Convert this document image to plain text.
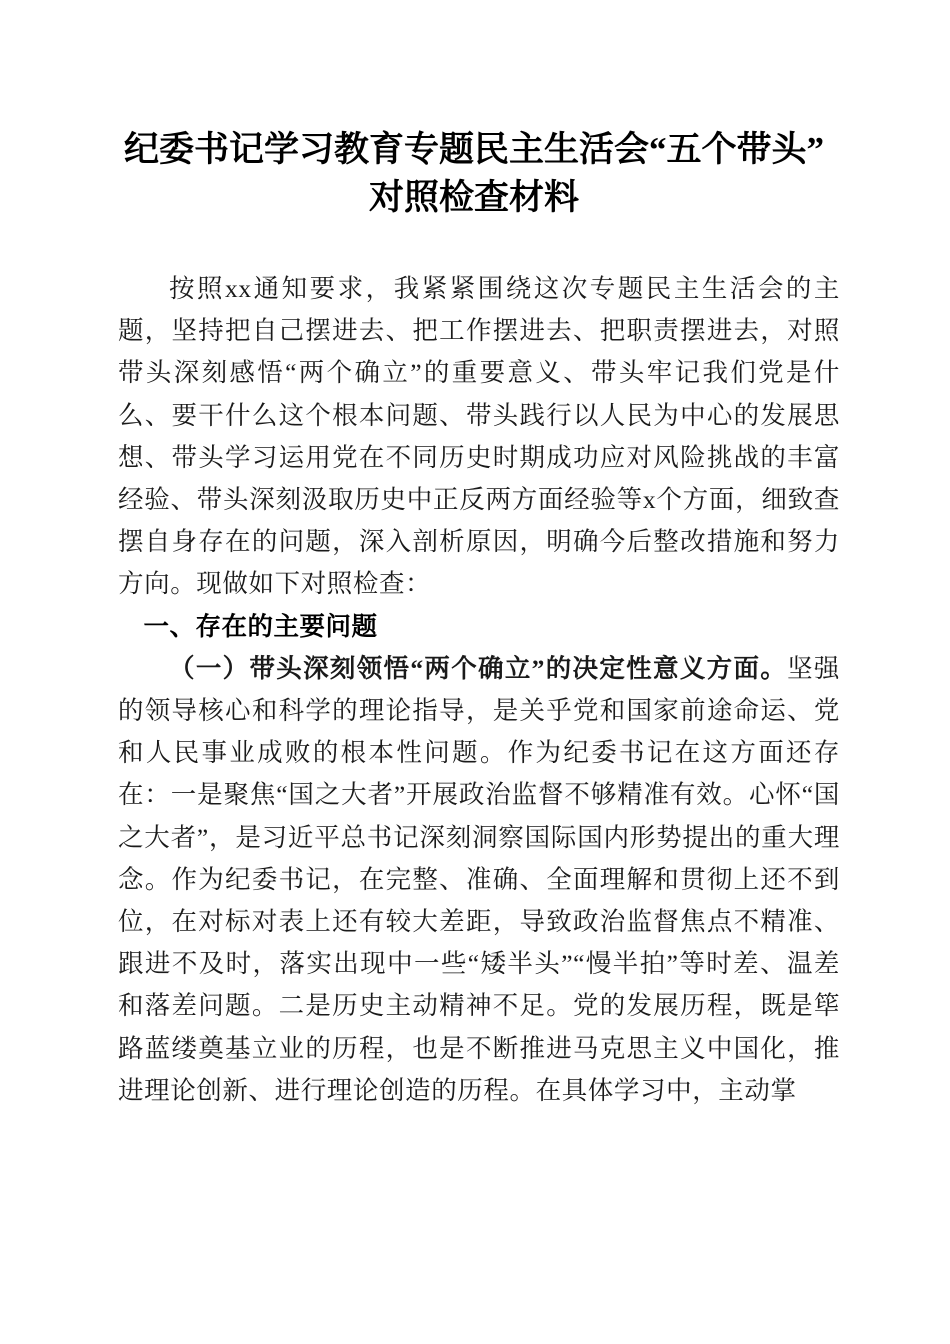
纪委书记学习教育专题民主生活会“五个带头”对照检查材料

按照xx通知要求，我紧紧围绕这次专题民主生活会的主题，坚持把自己摆进去、把工作摆进去、把职责摆进去，对照带头深刻感悟“两个确立”的重要意义、带头牢记我们党是什么、要干什么这个根本问题、带头践行以人民为中心的发展思想、带头学习运用党在不同历史时期成功应对风险挑战的丰富经验、带头深刻汲取历史中正反两方面经验等x个方面，细致查摆自身存在的问题，深入剖析原因，明确今后整改措施和努力方向。现做如下对照检查：

一、存在的主要问题

（一）带头深刻领悟“两个确立”的决定性意义方面。坚强的领导核心和科学的理论指导，是关乎党和国家前途命运、党和人民事业成败的根本性问题。作为纪委书记在这方面还存在：一是聚焦“国之大者”开展政治监督不够精准有效。心怀“国之大者”，是习近平总书记深刻洞察国际国内形势提出的重大理念。作为纪委书记，在完整、准确、全面理解和贯彻上还不到位，在对标对表上还有较大差距，导致政治监督焦点不精准、跟进不及时，落实出现中一些“矮半头”“慢半拍”等时差、温差和落差问题。二是历史主动精神不足。党的发展历程，既是筚路蓝缕奠基立业的历程，也是不断推进马克思主义中国化，推进理论创新、进行理论创造的历程。在具体学习中，主动掌
